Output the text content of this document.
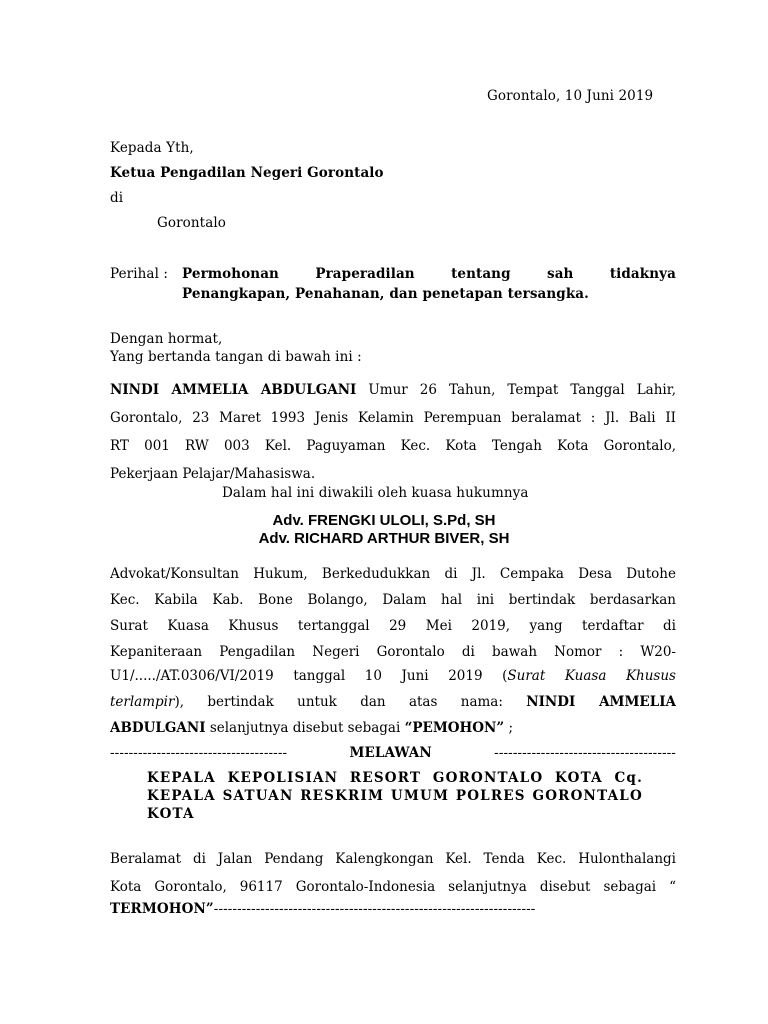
Gorontalo, 10 Juni 2019
Kepada Yth,
Ketua Pengadilan Negeri Gorontalo
di
Gorontalo
Perihal : Permohonan	Praperadilan	tentang	sah	tidaknya
Penangkapan, Penahanan, dan penetapan tersangka.
Dengan hormat,
Yang bertanda tangan di bawah ini :
NINDI AMMELIA ABDULGANI Umur 26 Tahun, Tempat Tanggal Lahir,
Gorontalo, 23 Maret 1993 Jenis Kelamin Perempuan beralamat : Jl. Bali II
RT 001 RW 003 Kel. Paguyaman Kec. Kota Tengah Kota Gorontalo,
Pekerjaan Pelajar/Mahasiswa.
Dalam hal ini diwakili oleh kuasa hukumnya
Adv. FRENGKI ULOLI, S.Pd, SH
Adv. RICHARD ARTHUR BIVER, SH
Advokat/Konsultan Hukum, Berkedudukkan di Jl. Cempaka Desa Dutohe
Kec. Kabila Kab. Bone Bolango, Dalam hal ini bertindak berdasarkan
Surat Kuasa Khusus tertanggal 29 Mei 2019, yang terdaftar di
Kepaniteraan Pengadilan Negeri Gorontalo di bawah Nomor : W20-
U1/...../AT.0306/VI/2019 tanggal 10 Juni 2019 (Surat Kuasa Khusus
terlampir), bertindak untuk dan atas nama: NINDI AMMELIA
ABDULGANI selanjutnya disebut sebagai “PEMOHON” ;
--------------------------------------	MELAWAN	---------------------------------------
KEPALA KEPOLISIAN RESORT GORONTALO KOTA Cq.
KEPALA SATUAN RESKRIM UMUM POLRES GORONTALO
KOTA
Beralamat di Jalan Pendang Kalengkongan Kel. Tenda Kec. Hulonthalangi
Kota Gorontalo, 96117 Gorontalo-Indonesia selanjutnya disebut sebagai “
TERMOHON”---------------------------------------------------------------------
